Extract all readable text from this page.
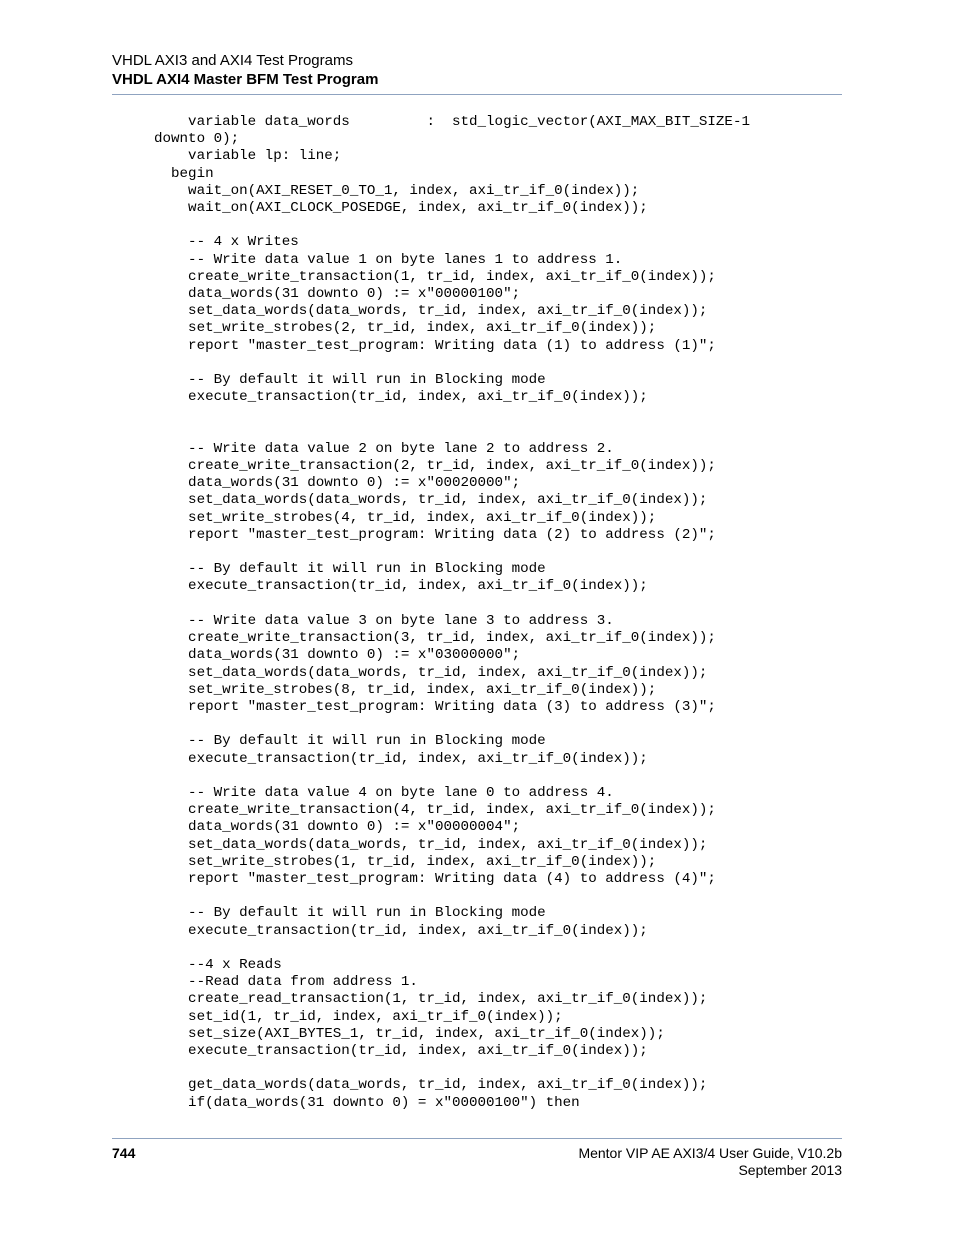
VHDL AXI3 and AXI4 Test Programs
VHDL AXI4 Master BFM Test Program
variable data_words         :  std_logic_vector(AXI_MAX_BIT_SIZE-1
downto 0);
variable lp: line;
begin
wait_on(AXI_RESET_0_TO_1, index, axi_tr_if_0(index));
wait_on(AXI_CLOCK_POSEDGE, index, axi_tr_if_0(index));

-- 4 x Writes
-- Write data value 1 on byte lanes 1 to address 1.
create_write_transaction(1, tr_id, index, axi_tr_if_0(index));
data_words(31 downto 0) := x"00000100";
set_data_words(data_words, tr_id, index, axi_tr_if_0(index));
set_write_strobes(2, tr_id, index, axi_tr_if_0(index));
report "master_test_program: Writing data (1) to address (1)";

-- By default it will run in Blocking mode
execute_transaction(tr_id, index, axi_tr_if_0(index));

-- Write data value 2 on byte lane 2 to address 2.
create_write_transaction(2, tr_id, index, axi_tr_if_0(index));
data_words(31 downto 0) := x"00020000";
set_data_words(data_words, tr_id, index, axi_tr_if_0(index));
set_write_strobes(4, tr_id, index, axi_tr_if_0(index));
report "master_test_program: Writing data (2) to address (2)";

-- By default it will run in Blocking mode
execute_transaction(tr_id, index, axi_tr_if_0(index));

-- Write data value 3 on byte lane 3 to address 3.
create_write_transaction(3, tr_id, index, axi_tr_if_0(index));
data_words(31 downto 0) := x"03000000";
set_data_words(data_words, tr_id, index, axi_tr_if_0(index));
set_write_strobes(8, tr_id, index, axi_tr_if_0(index));
report "master_test_program: Writing data (3) to address (3)";

-- By default it will run in Blocking mode
execute_transaction(tr_id, index, axi_tr_if_0(index));

-- Write data value 4 on byte lane 0 to address 4.
create_write_transaction(4, tr_id, index, axi_tr_if_0(index));
data_words(31 downto 0) := x"00000004";
set_data_words(data_words, tr_id, index, axi_tr_if_0(index));
set_write_strobes(1, tr_id, index, axi_tr_if_0(index));
report "master_test_program: Writing data (4) to address (4)";

-- By default it will run in Blocking mode
execute_transaction(tr_id, index, axi_tr_if_0(index));

--4 x Reads
--Read data from address 1.
create_read_transaction(1, tr_id, index, axi_tr_if_0(index));
set_id(1, tr_id, index, axi_tr_if_0(index));
set_size(AXI_BYTES_1, tr_id, index, axi_tr_if_0(index));
execute_transaction(tr_id, index, axi_tr_if_0(index));

get_data_words(data_words, tr_id, index, axi_tr_if_0(index));
if(data_words(31 downto 0) = x"00000100") then
744	Mentor VIP AE AXI3/4 User Guide, V10.2b
September 2013
